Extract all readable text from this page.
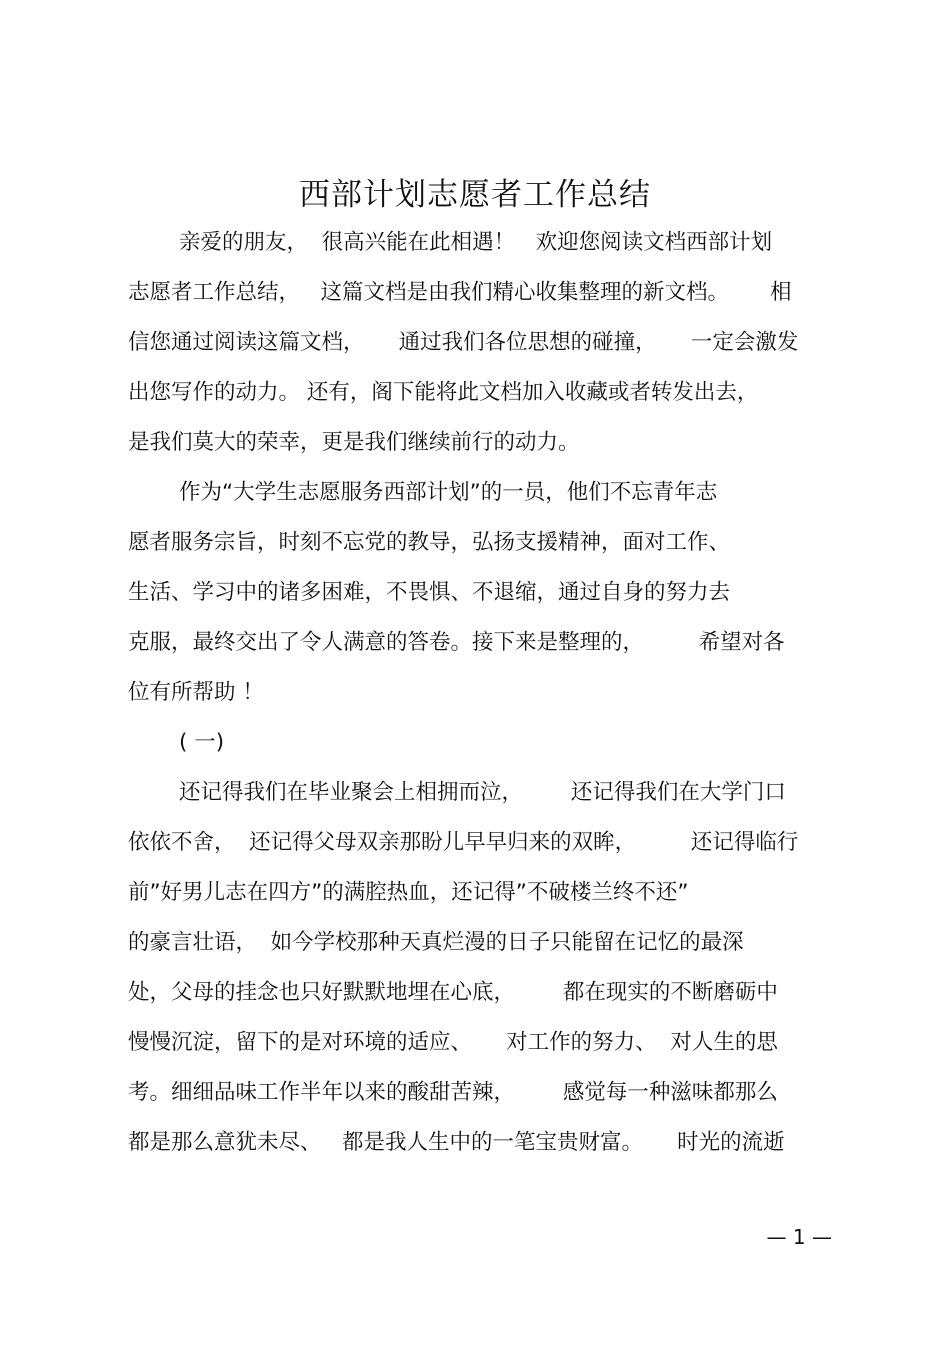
西部计划志愿者工作总结
亲爱的朋友，  很高兴能在此相遇！   欢迎您阅读文档西部计划
志愿者工作总结，   这篇文档是由我们精心收集整理的新文档。      相
信您通过阅读这篇文档，     通过我们各位思想的碰撞，     一定会激发
出您写作的动力。 还有，阁下能将此文档加入收藏或者转发出去，
是我们莫大的荣幸，更是我们继续前行的动力。
作为“大学生志愿服务西部计划”的一员，他们不忘青年志
愿者服务宗旨，时刻不忘党的教导，弘扬支援精神，面对工作、
生活、学习中的诸多困难，不畏惧、不退缩，通过自身的努力去
克服，最终交出了令人满意的答卷。接下来是整理的，        希望对各
位有所帮助 ！
( 一)
还记得我们在毕业聚会上相拥而泣，       还记得我们在大学门口
依依不舍，  还记得父母双亲那盼儿早早归来的双眸，        还记得临行
前”好男儿志在四方”的满腔热血，还记得”不破楼兰终不还”
的豪言壮语，  如今学校那种天真烂漫的日子只能留在记忆的最深
处，父母的挂念也只好默默地埋在心底，       都在现实的不断磨砺中
慢慢沉淀，留下的是对环境的适应、     对工作的努力、  对人生的思
考。细细品味工作半年以来的酸甜苦辣，       感觉每一种滋味都那么
都是那么意犹未尽、   都是我人生中的一笔宝贵财富。     时光的流逝
— 1 —
